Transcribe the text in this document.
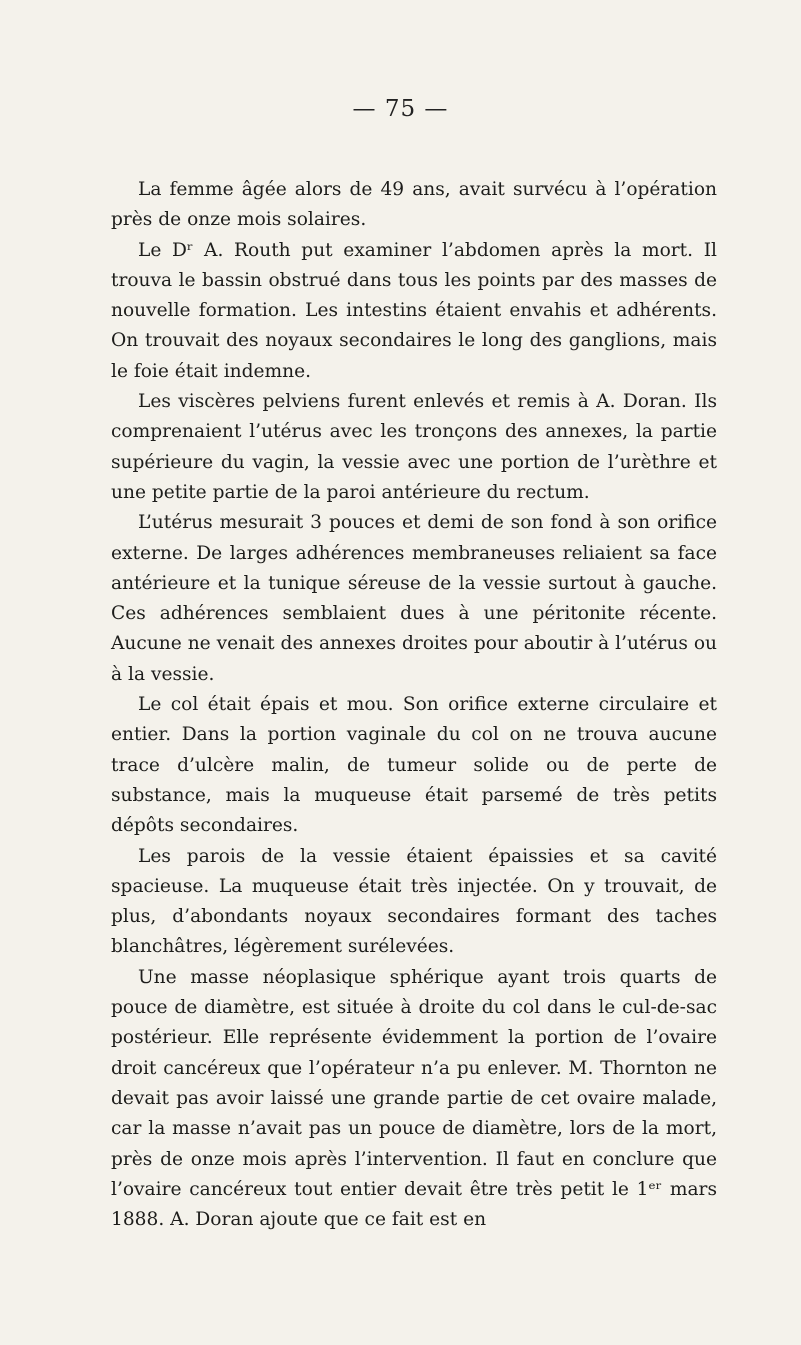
— 75 —

La femme âgée alors de 49 ans, avait survécu à l’opération près de onze mois solaires.

Le Dʳ A. Routh put examiner l’abdomen après la mort. Il trouva le bassin obstrué dans tous les points par des masses de nouvelle formation. Les intestins étaient envahis et adhérents. On trouvait des noyaux secondaires le long des ganglions, mais le foie était indemne.

Les viscères pelviens furent enlevés et remis à A. Doran. Ils comprenaient l’utérus avec les tronçons des annexes, la partie supérieure du vagin, la vessie avec une portion de l’urèthre et une petite partie de la paroi antérieure du rectum.

L’utérus mesurait 3 pouces et demi de son fond à son orifice externe. De larges adhérences membraneuses reliaient sa face antérieure et la tunique séreuse de la vessie surtout à gauche. Ces adhérences semblaient dues à une péritonite récente. Aucune ne venait des annexes droites pour aboutir à l’utérus ou à la vessie.

Le col était épais et mou. Son orifice externe circulaire et entier. Dans la portion vaginale du col on ne trouva aucune trace d’ulcère malin, de tumeur solide ou de perte de substance, mais la muqueuse était parsemé de très petits dépôts secondaires.

Les parois de la vessie étaient épaissies et sa cavité spacieuse. La muqueuse était très injectée. On y trouvait, de plus, d’abondants noyaux secondaires formant des taches blanchâtres, légèrement surélevées.

Une masse néoplasique sphérique ayant trois quarts de pouce de diamètre, est située à droite du col dans le cul-de-sac postérieur. Elle représente évidemment la portion de l’ovaire droit cancéreux que l’opérateur n’a pu enlever. M. Thornton ne devait pas avoir laissé une grande partie de cet ovaire malade, car la masse n’avait pas un pouce de diamètre, lors de la mort, près de onze mois après l’intervention. Il faut en conclure que l’ovaire cancéreux tout entier devait être très petit le 1ᵉʳ mars 1888. A. Doran ajoute que ce fait est en
